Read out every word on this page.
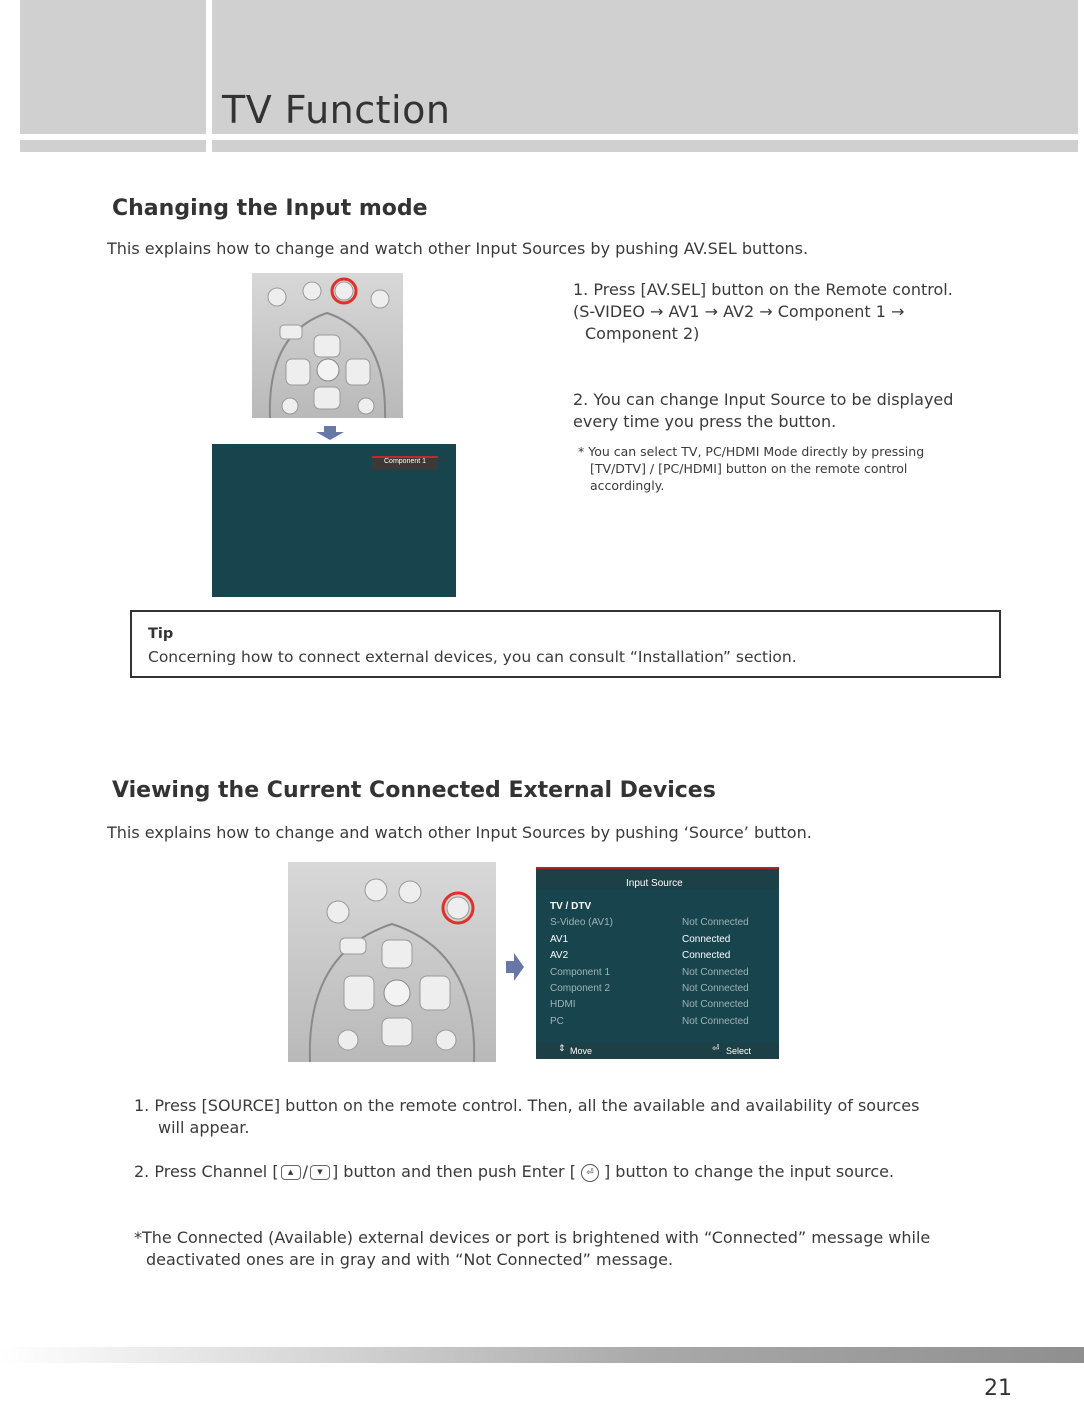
TV Function
Changing the Input mode
This explains how to change and watch other Input Sources by pushing AV.SEL buttons.
Component 1
1. Press [AV.SEL] button on the Remote control.
(S-VIDEO → AV1 → AV2 → Component 1 →
Component 2)
2. You can change Input Source to be displayed
every time you press the button.
* You can select TV, PC/HDMI Mode directly by pressing
[TV/DTV] / [PC/HDMI] button on the remote control
accordingly.
Tip
Concerning how to connect external devices, you can consult “Installation” section.
Viewing the Current Connected External Devices
This explains how to change and watch other Input Sources by pushing ‘Source’ button.
Input Source
TV / DTV
S-Video (AV1)	Not Connected
AV1	Connected
AV2	Connected
Component 1	Not Connected
Component 2	Not Connected
HDMI	Not Connected
PC	Not Connected
⇕ Move	⏎ Select
1. Press [SOURCE] button on the remote control. Then, all the available and availability of sources
will appear.
2. Press Channel [ ▲ / ▼ ] button and then push Enter [ ⏎ ] button to change the input source.
*The Connected (Available) external devices or port is brightened with “Connected” message while
deactivated ones are in gray and with “Not Connected” message.
21
